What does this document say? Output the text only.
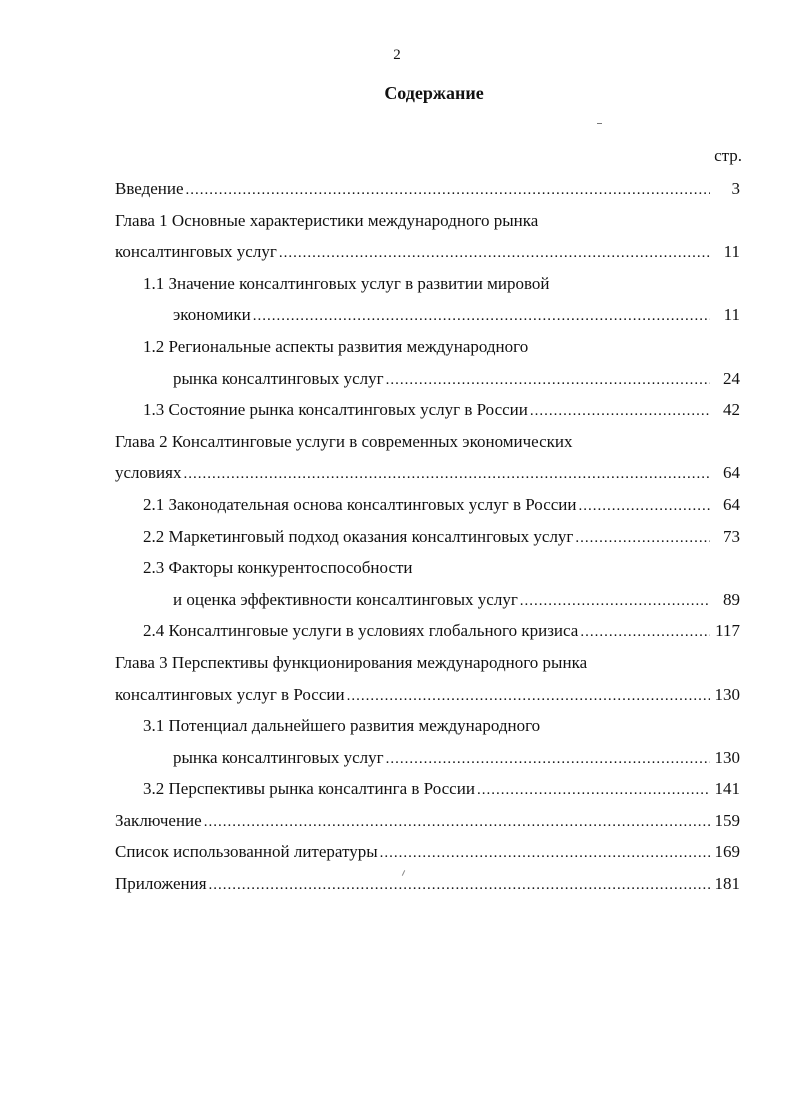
2
Содержание
стр.
Введение .....	3
Глава 1 Основные характеристики международного рынка
консалтинговых услуг .....	11
1.1 Значение консалтинговых услуг в развитии мировой
экономики .....	11
1.2 Региональные аспекты развития международного
рынка консалтинговых услуг .....	24
1.3 Состояние рынка консалтинговых услуг в России .....	42
Глава 2 Консалтинговые услуги в современных экономических
условиях .....	64
2.1 Законодательная основа консалтинговых услуг в России .....	64
2.2 Маркетинговый подход оказания консалтинговых услуг .....	73
2.3 Факторы конкурентоспособности
и оценка эффективности консалтинговых услуг .....	89
2.4 Консалтинговые услуги в условиях глобального кризиса .....	117
Глава 3 Перспективы функционирования международного рынка
консалтинговых услуг в России .....	130
3.1 Потенциал дальнейшего развития международного
рынка консалтинговых услуг .....	130
3.2 Перспективы рынка консалтинга в России .....	141
Заключение .....	159
Список использованной литературы .....	169
Приложения .....	181
